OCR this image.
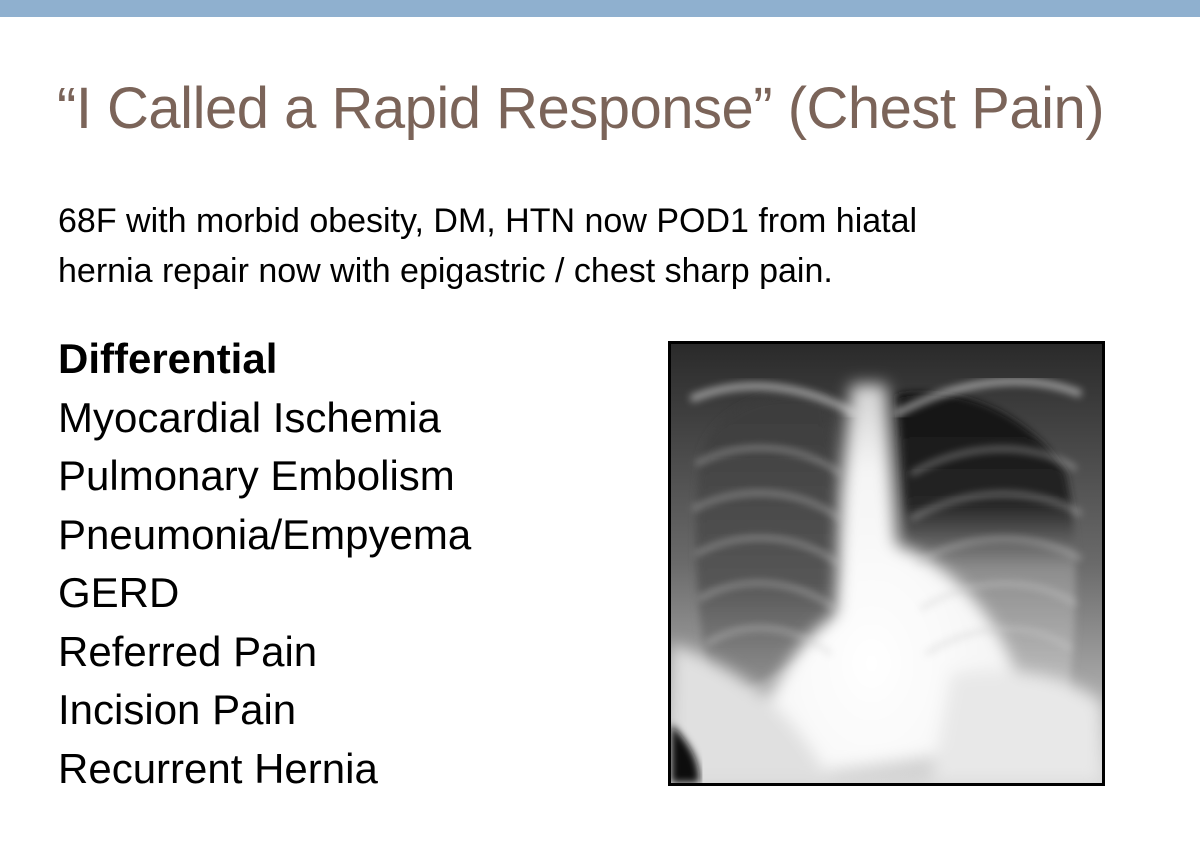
“I Called a Rapid Response” (Chest Pain)
68F with morbid obesity, DM, HTN now POD1 from hiatal
hernia repair now with epigastric / chest sharp pain.
Differential
Myocardial Ischemia
Pulmonary Embolism
Pneumonia/Empyema
GERD
Referred Pain
Incision Pain
Recurrent Hernia
